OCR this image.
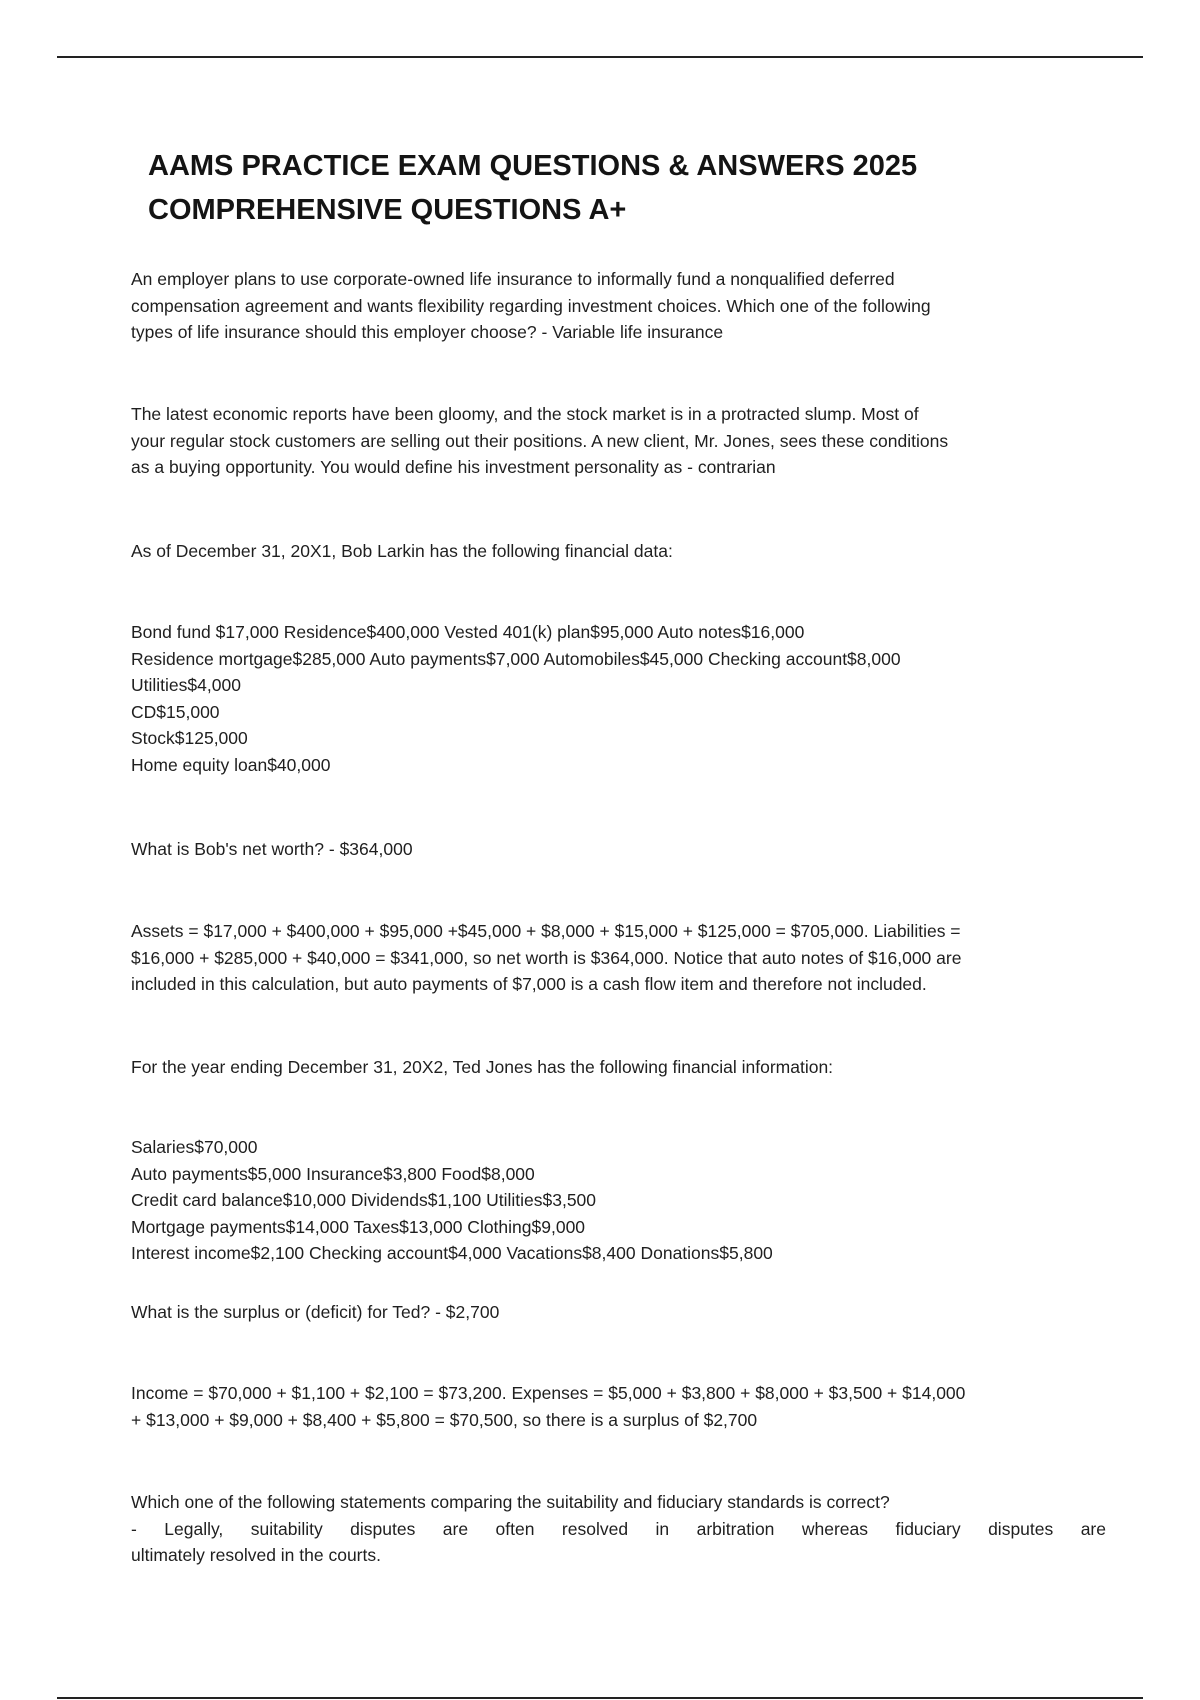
AAMS PRACTICE EXAM QUESTIONS & ANSWERS 2025
COMPREHENSIVE QUESTIONS A+

An employer plans to use corporate-owned life insurance to informally fund a nonqualified deferred
compensation agreement and wants flexibility regarding investment choices. Which one of the following
types of life insurance should this employer choose? - Variable life insurance

The latest economic reports have been gloomy, and the stock market is in a protracted slump. Most of
your regular stock customers are selling out their positions. A new client, Mr. Jones, sees these conditions
as a buying opportunity. You would define his investment personality as - contrarian

As of December 31, 20X1, Bob Larkin has the following financial data:

Bond fund $17,000 Residence$400,000 Vested 401(k) plan$95,000 Auto notes$16,000
Residence mortgage$285,000 Auto payments$7,000 Automobiles$45,000 Checking account$8,000
Utilities$4,000
CD$15,000
Stock$125,000
Home equity loan$40,000

What is Bob's net worth? - $364,000

Assets = $17,000 + $400,000 + $95,000 +$45,000 + $8,000 + $15,000 + $125,000 = $705,000. Liabilities =
$16,000 + $285,000 + $40,000 = $341,000, so net worth is $364,000. Notice that auto notes of $16,000 are
included in this calculation, but auto payments of $7,000 is a cash flow item and therefore not included.

For the year ending December 31, 20X2, Ted Jones has the following financial information:

Salaries$70,000
Auto payments$5,000 Insurance$3,800 Food$8,000
Credit card balance$10,000 Dividends$1,100 Utilities$3,500
Mortgage payments$14,000 Taxes$13,000 Clothing$9,000
Interest income$2,100 Checking account$4,000 Vacations$8,400 Donations$5,800

What is the surplus or (deficit) for Ted? - $2,700

Income = $70,000 + $1,100 + $2,100 = $73,200. Expenses = $5,000 + $3,800 + $8,000 + $3,500 + $14,000
+ $13,000 + $9,000 + $8,400 + $5,800 = $70,500, so there is a surplus of $2,700

Which one of the following statements comparing the suitability and fiduciary standards is correct?
- Legally, suitability disputes are often resolved in arbitration whereas fiduciary disputes are
ultimately resolved in the courts.
